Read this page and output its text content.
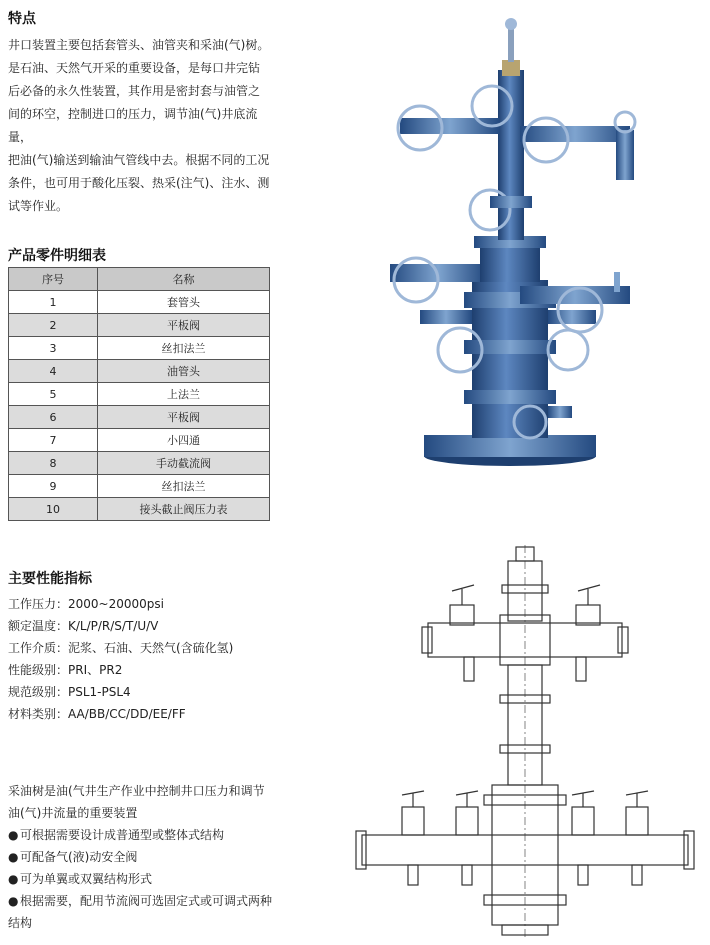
特点
井口装置主要包括套管头、油管夹和采油(气)树。
是石油、天然气开采的重要设备，是每口井完钻
后必备的永久性装置，其作用是密封套与油管之
间的环空，控制进口的压力，调节油(气)井底流量，
把油(气)输送到输油气管线中去。根据不同的工况
条件，也可用于酸化压裂、热采(注气)、注水、测
试等作业。
产品零件明细表
序号	名称
1	套管头
2	平板阀
3	丝扣法兰
4	油管头
5	上法兰
6	平板阀
7	小四通
8	手动截流阀
9	丝扣法兰
10	接头截止阀压力表
主要性能指标
工作压力：2000~20000psi
额定温度：K/L/P/R/S/T/U/V
工作介质：泥浆、石油、天然气(含硫化氢)
性能级别：PRI、PR2
规范级别：PSL1-PSL4
材料类别：AA/BB/CC/DD/EE/FF
采油树是油(气井生产作业中控制井口压力和调节
油(气)井流量的重要装置
● 可根据需要设计成普通型或整体式结构
● 可配备气(液)动安全阀
● 可为单翼或双翼结构形式
● 根据需要，配用节流阀可选固定式或可调式两种结构
